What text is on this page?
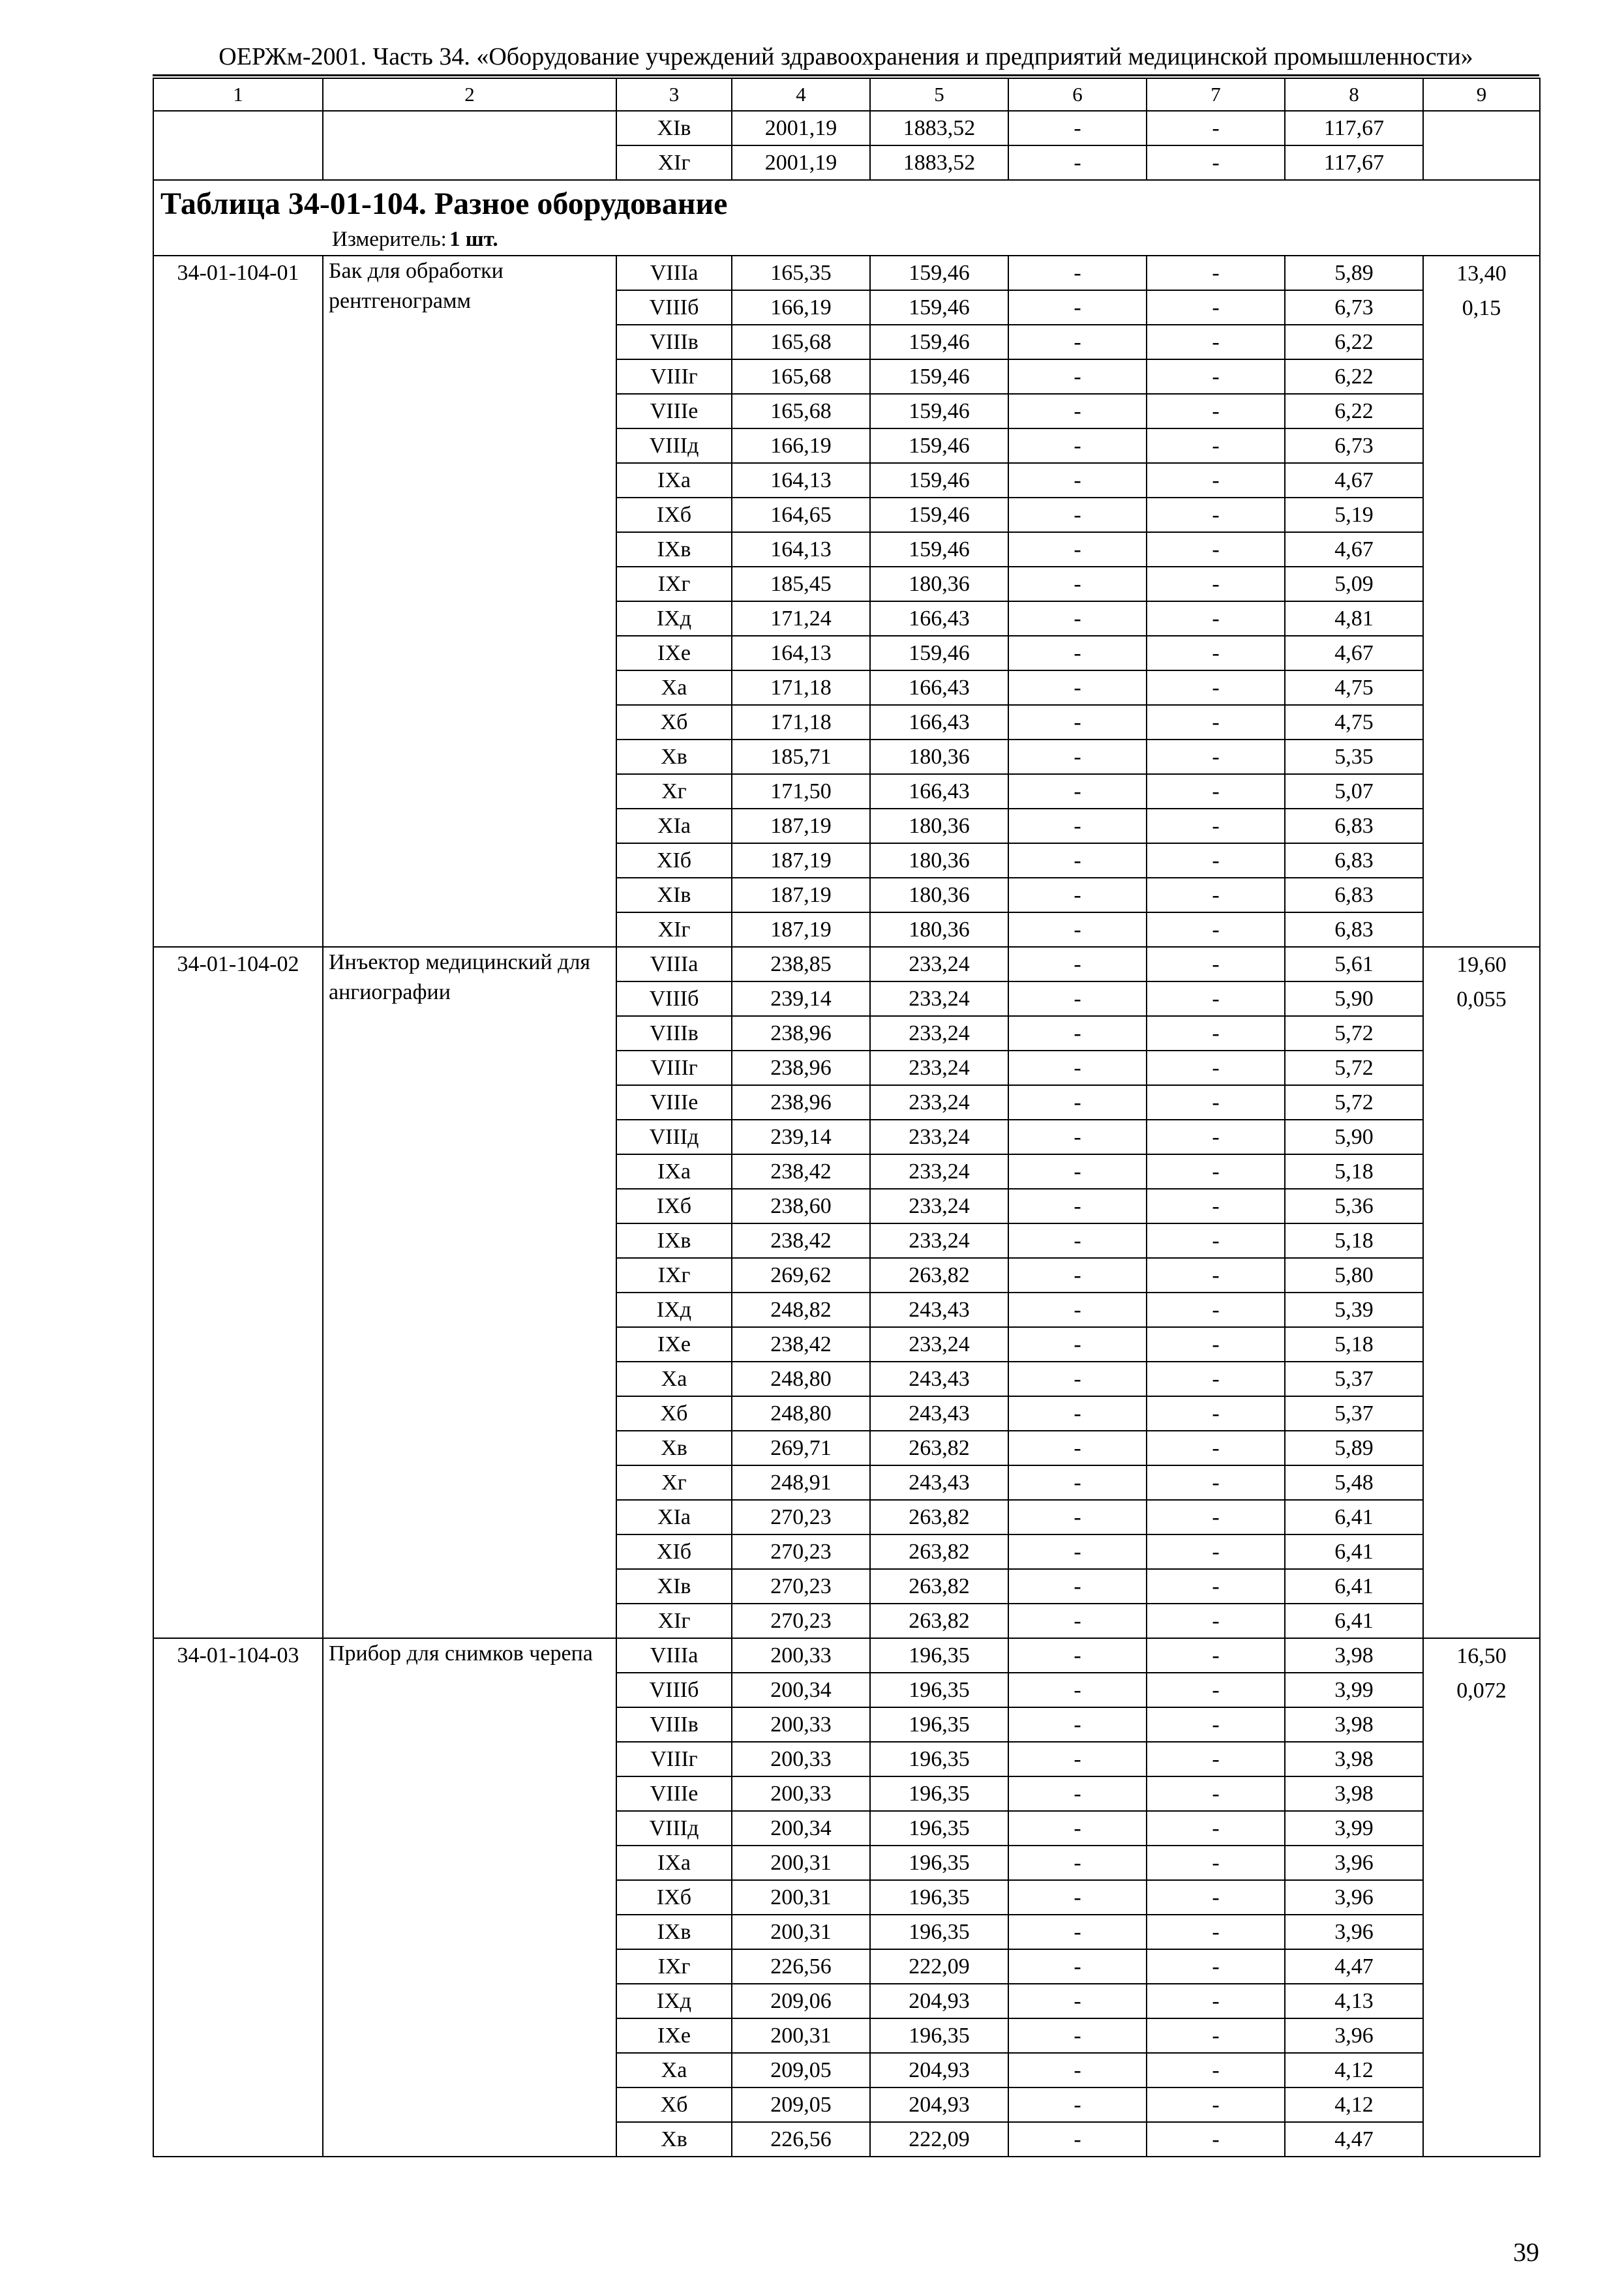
ОЕРЖм-2001. Часть 34. «Оборудование учреждений здравоохранения и предприятий медицинской промышленности»
1	2	3	4	5	6	7	8	9
		XIв	2001,19	1883,52	-	-	117,67	
		XIг	2001,19	1883,52	-	-	117,67	

Таблица 34-01-104. Разное оборудование
Измеритель: 1 шт.								

34-01-104-01	Бак для обработки рентгенограмм	VIIIа	165,35	159,46	-	-	5,89	13,40
0,15

		VIIIб	166,19	159,46	-	-	6,73	
		VIIIв	165,68	159,46	-	-	6,22	
		VIIIг	165,68	159,46	-	-	6,22	
		VIIIе	165,68	159,46	-	-	6,22	
		VIIIд	166,19	159,46	-	-	6,73	
		IXа	164,13	159,46	-	-	4,67	
		IXб	164,65	159,46	-	-	5,19	
		IXв	164,13	159,46	-	-	4,67	
		IXг	185,45	180,36	-	-	5,09	
		IXд	171,24	166,43	-	-	4,81	
		IXе	164,13	159,46	-	-	4,67	
		Xа	171,18	166,43	-	-	4,75	
		Xб	171,18	166,43	-	-	4,75	
		Xв	185,71	180,36	-	-	5,35	
		Xг	171,50	166,43	-	-	5,07	
		XIа	187,19	180,36	-	-	6,83	
		XIб	187,19	180,36	-	-	6,83	
		XIв	187,19	180,36	-	-	6,83	
		XIг	187,19	180,36	-	-	6,83	
34-01-104-02	Инъектор медицинский для ангиографии	VIIIа	238,85	233,24	-	-	5,61	19,60
0,055

		VIIIб	239,14	233,24	-	-	5,90	
		VIIIв	238,96	233,24	-	-	5,72	
		VIIIг	238,96	233,24	-	-	5,72	
		VIIIе	238,96	233,24	-	-	5,72	
		VIIIд	239,14	233,24	-	-	5,90	
		IXа	238,42	233,24	-	-	5,18	
		IXб	238,60	233,24	-	-	5,36	
		IXв	238,42	233,24	-	-	5,18	
		IXг	269,62	263,82	-	-	5,80	
		IXд	248,82	243,43	-	-	5,39	
		IXе	238,42	233,24	-	-	5,18	
		Xа	248,80	243,43	-	-	5,37	
		Xб	248,80	243,43	-	-	5,37	
		Xв	269,71	263,82	-	-	5,89	
		Xг	248,91	243,43	-	-	5,48	
		XIа	270,23	263,82	-	-	6,41	
		XIб	270,23	263,82	-	-	6,41	
		XIв	270,23	263,82	-	-	6,41	
		XIг	270,23	263,82	-	-	6,41	
34-01-104-03	Прибор для снимков черепа	VIIIа	200,33	196,35	-	-	3,98	16,50
0,072

		VIIIб	200,34	196,35	-	-	3,99	
		VIIIв	200,33	196,35	-	-	3,98	
		VIIIг	200,33	196,35	-	-	3,98	
		VIIIе	200,33	196,35	-	-	3,98	
		VIIIд	200,34	196,35	-	-	3,99	
		IXа	200,31	196,35	-	-	3,96	
		IXб	200,31	196,35	-	-	3,96	
		IXв	200,31	196,35	-	-	3,96	
		IXг	226,56	222,09	-	-	4,47	
		IXд	209,06	204,93	-	-	4,13	
		IXе	200,31	196,35	-	-	3,96	
		Xа	209,05	204,93	-	-	4,12	
		Xб	209,05	204,93	-	-	4,12	
		Xв	226,56	222,09	-	-	4,47	
39
